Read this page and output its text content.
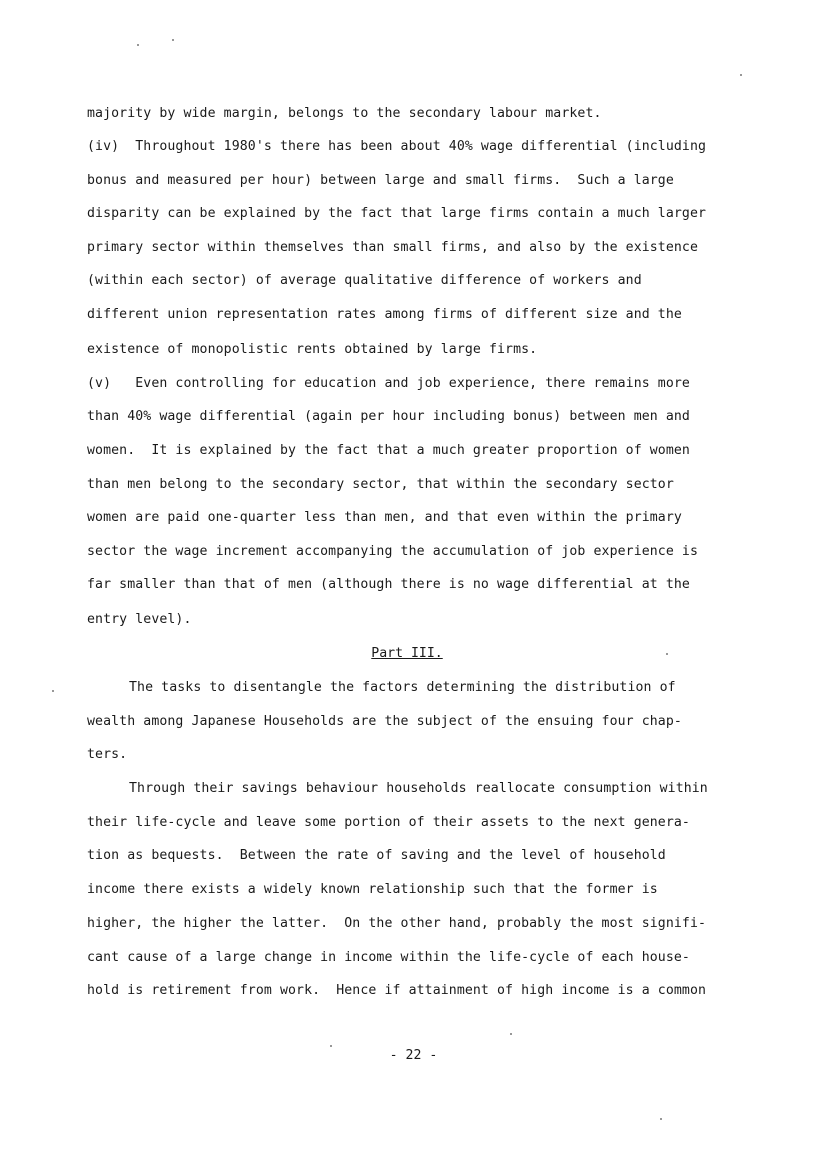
majority by wide margin, belongs to the secondary labour market.
(iv)  Throughout 1980's there has been about 40% wage differential (including
bonus and measured per hour) between large and small firms.  Such a large
disparity can be explained by the fact that large firms contain a much larger
primary sector within themselves than small firms, and also by the existence
(within each sector) of average qualitative difference of workers and
different union representation rates among firms of different size and the
existence of monopolistic rents obtained by large firms.
(v)   Even controlling for education and job experience, there remains more
than 40% wage differential (again per hour including bonus) between men and
women.  It is explained by the fact that a much greater proportion of women
than men belong to the secondary sector, that within the secondary sector
women are paid one-quarter less than men, and that even within the primary
sector the wage increment accompanying the accumulation of job experience is
far smaller than that of men (although there is no wage differential at the
entry level).
Part III.
The tasks to disentangle the factors determining the distribution of
wealth among Japanese Households are the subject of the ensuing four chap-
ters.
Through their savings behaviour households reallocate consumption within
their life-cycle and leave some portion of their assets to the next genera-
tion as bequests.  Between the rate of saving and the level of household
income there exists a widely known relationship such that the former is
higher, the higher the latter.  On the other hand, probably the most signifi-
cant cause of a large change in income within the life-cycle of each house-
hold is retirement from work.  Hence if attainment of high income is a common
- 22 -
